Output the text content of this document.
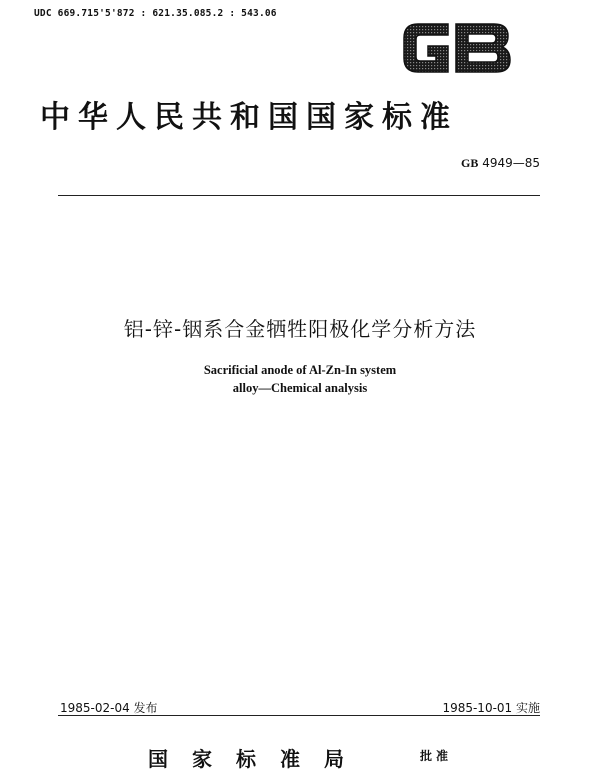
UDC 669.715'5'872 : 621.35.085.2 : 543.06
中华人民共和国国家标准
GB 4949—85
铝-锌-铟系合金牺牲阳极化学分析方法
Sacrificial anode of Al-Zn-In system
alloy—Chemical analysis
1985-02-04 发布	1985-10-01 实施
国家标准局	批准
